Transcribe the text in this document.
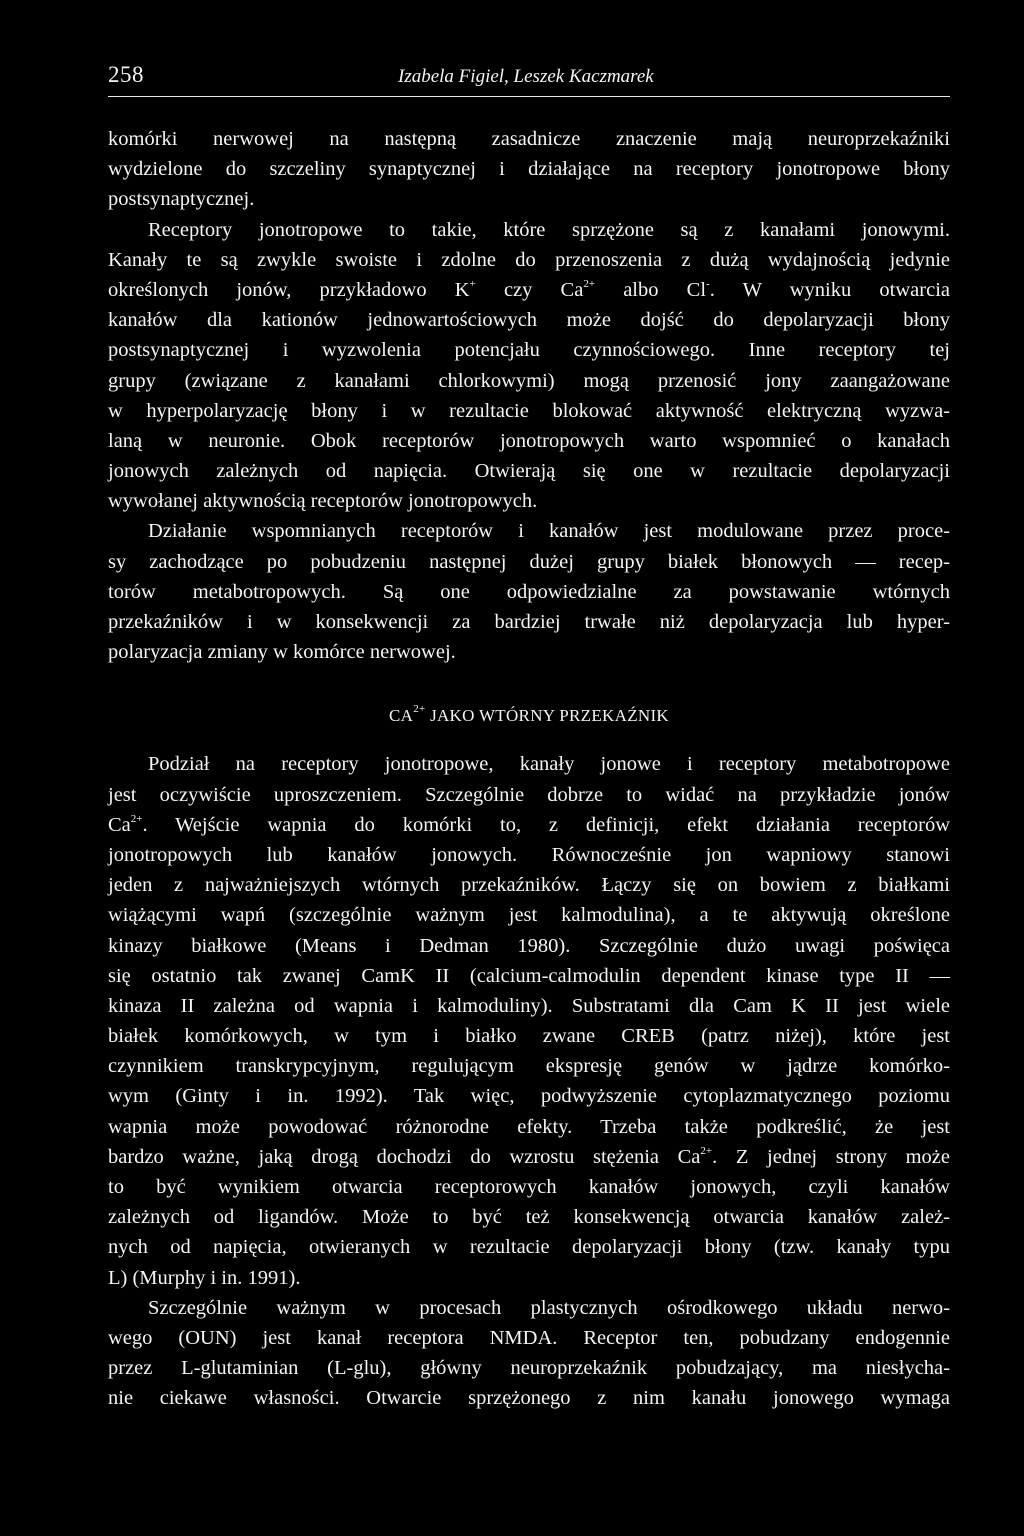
258	Izabela Figiel, Leszek Kaczmarek
komórki nerwowej na następną zasadnicze znaczenie mają neuroprzekaźniki
wydzielone do szczeliny synaptycznej i działające na receptory jonotropowe błony
postsynaptycznej.
Receptory jonotropowe to takie, które sprzężone są z kanałami jonowymi.
Kanały te są zwykle swoiste i zdolne do przenoszenia z dużą wydajnością jedynie
określonych jonów, przykładowo K+ czy $Ca^{2+}$ albo Cl-. W wyniku otwarcia
kanałów dla kationów jednowartościowych może dojść do depolaryzacji błony
postsynaptycznej i wyzwolenia potencjału czynnościowego. Inne receptory tej
grupy (związane z kanałami chlorkowymi) mogą przenosić jony zaangażowane
w hyperpolaryzację błony i w rezultacie blokować aktywność elektryczną wyzwa-
laną w neuronie. Obok receptorów jonotropowych warto wspomnieć o kanałach
jonowych zależnych od napięcia. Otwierają się one w rezultacie depolaryzacji
wywołanej aktywnością receptorów jonotropowych.
Działanie wspomnianych receptorów i kanałów jest modulowane przez proce-
sy zachodzące po pobudzeniu następnej dużej grupy białek błonowych — recep-
torów metabotropowych. Są one odpowiedzialne za powstawanie wtórnych
przekaźników i w konsekwencji za bardziej trwałe niż depolaryzacja lub hyper-
polaryzacja zmiany w komórce nerwowej.
$CA^{2+}$ JAKO WTÓRNY PRZEKAŹNIK
Podział na receptory jonotropowe, kanały jonowe i receptory metabotropowe
jest oczywiście uproszczeniem. Szczególnie dobrze to widać na przykładzie jonów
$Ca^{2+}$. Wejście wapnia do komórki to, z definicji, efekt działania receptorów
jonotropowych lub kanałów jonowych. Równocześnie jon wapniowy stanowi
jeden z najważniejszych wtórnych przekaźników. Łączy się on bowiem z białkami
wiążącymi wapń (szczególnie ważnym jest kalmodulina), a te aktywują określone
kinazy białkowe (Means i Dedman 1980). Szczególnie dużo uwagi poświęca
się ostatnio tak zwanej CamK II (calcium-calmodulin dependent kinase type II —
kinaza II zależna od wapnia i kalmoduliny). Substratami dla Cam K II jest wiele
białek komórkowych, w tym i białko zwane CREB (patrz niżej), które jest
czynnikiem transkrypcyjnym, regulującym ekspresję genów w jądrze komórko-
wym (Ginty i in. 1992). Tak więc, podwyższenie cytoplazmatycznego poziomu
wapnia może powodować różnorodne efekty. Trzeba także podkreślić, że jest
bardzo ważne, jaką drogą dochodzi do wzrostu stężenia $Ca^{2+}$. Z jednej strony może
to być wynikiem otwarcia receptorowych kanałów jonowych, czyli kanałów
zależnych od ligandów. Może to być też konsekwencją otwarcia kanałów zależ-
nych od napięcia, otwieranych w rezultacie depolaryzacji błony (tzw. kanały typu
L) (Murphy i in. 1991).
Szczególnie ważnym w procesach plastycznych ośrodkowego układu nerwo-
wego (OUN) jest kanał receptora NMDA. Receptor ten, pobudzany endogennie
przez L-glutaminian (L-glu), główny neuroprzekaźnik pobudzający, ma niesłycha-
nie ciekawe własności. Otwarcie sprzężonego z nim kanału jonowego wymaga
